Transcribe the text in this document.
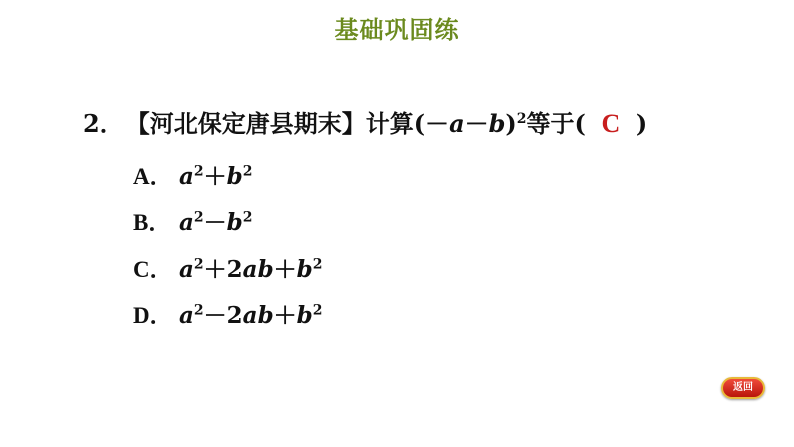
基础巩固练
2． 【河北保定唐县期末】计算$(-a-b)^2$等于( C )
A． $a^2+b^2$
B． $a^2-b^2$
C． $a^2+2ab+b^2$
D． $a^2-2ab+b^2$
返回
